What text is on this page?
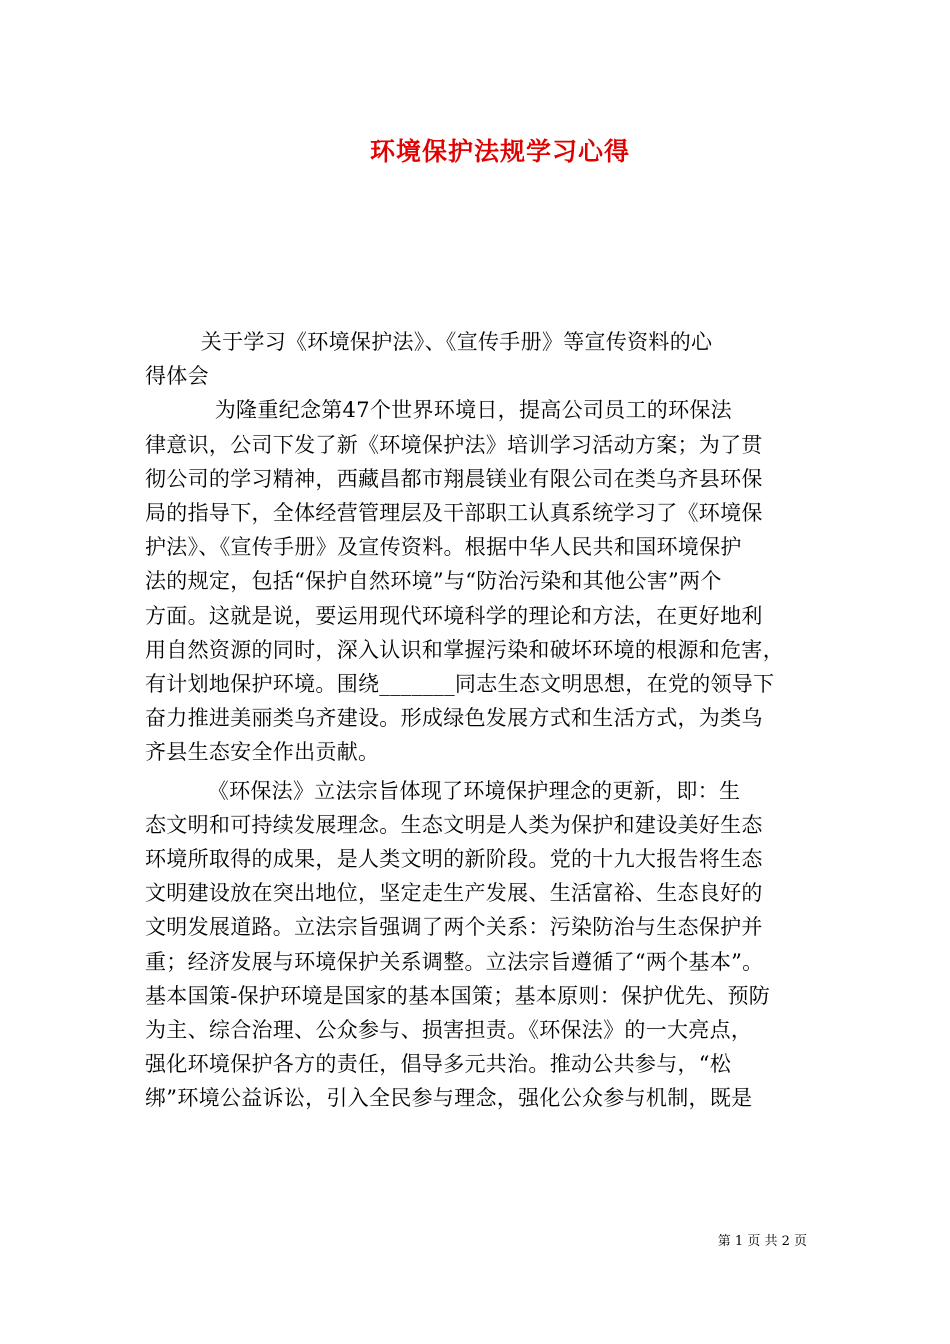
环境保护法规学习心得
关于学习《环境保护法》、《宣传手册》等宣传资料的心
得体会
为隆重纪念第47个世界环境日，提高公司员工的环保法
律意识，公司下发了新《环境保护法》培训学习活动方案；为了贯
彻公司的学习精神，西藏昌都市翔晨镁业有限公司在类乌齐县环保
局的指导下，全体经营管理层及干部职工认真系统学习了《环境保
护法》、《宣传手册》及宣传资料。根据中华人民共和国环境保护
法的规定，包括“保护自然环境”与“防治污染和其他公害”两个
方面。这就是说，要运用现代环境科学的理论和方法，在更好地利
用自然资源的同时，深入认识和掌握污染和破坏环境的根源和危害，
有计划地保护环境。围绕_______同志生态文明思想，在党的领导下
奋力推进美丽类乌齐建设。形成绿色发展方式和生活方式，为类乌
齐县生态安全作出贡献。
《环保法》立法宗旨体现了环境保护理念的更新，即：生
态文明和可持续发展理念。生态文明是人类为保护和建设美好生态
环境所取得的成果，是人类文明的新阶段。党的十九大报告将生态
文明建设放在突出地位，坚定走生产发展、生活富裕、生态良好的
文明发展道路。立法宗旨强调了两个关系：污染防治与生态保护并
重；经济发展与环境保护关系调整。立法宗旨遵循了“两个基本”。
基本国策-保护环境是国家的基本国策；基本原则：保护优先、预防
为主、综合治理、公众参与、损害担责。《环保法》的一大亮点，
强化环境保护各方的责任，倡导多元共治。推动公共参与，“松
绑”环境公益诉讼，引入全民参与理念，强化公众参与机制，既是
第 1 页 共 2 页
